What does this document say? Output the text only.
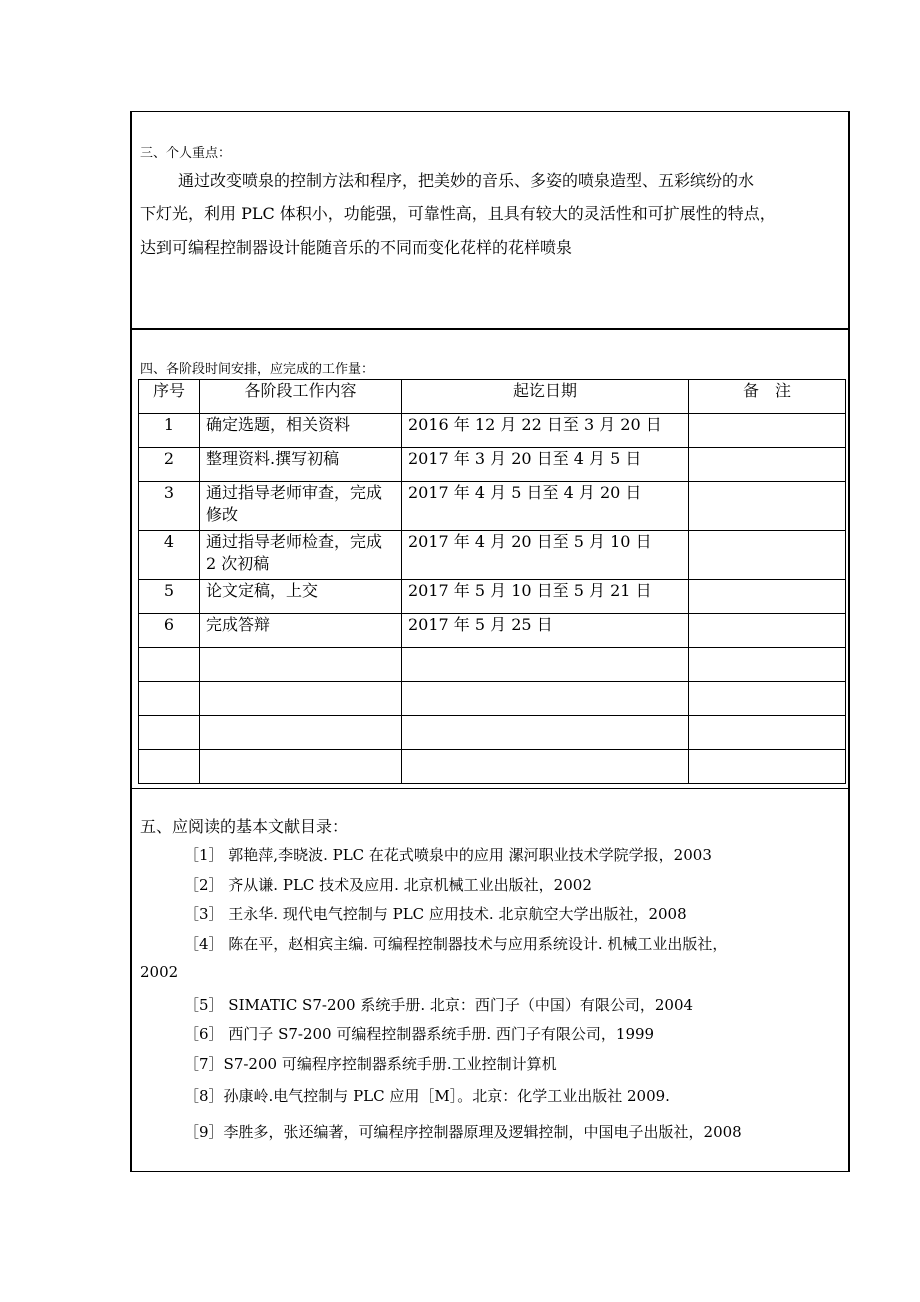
三、个人重点：
通过改变喷泉的控制方法和程序，把美妙的音乐、多姿的喷泉造型、五彩缤纷的水
下灯光，利用 PLC 体积小，功能强，可靠性高，且具有较大的灵活性和可扩展性的特点，
达到可编程控制器设计能随音乐的不同而变化花样的花样喷泉
四、各阶段时间安排，应完成的工作量：
序号	各阶段工作内容	起讫日期	备　注
1	确定选题，相关资料	2016 年 12 月 22 日至 3 月 20 日	
2	整理资料.撰写初稿	2017 年 3 月 20 日至 4 月 5 日	
3	通过指导老师审查，完成修改	2017 年 4 月 5 日至 4 月 20 日	
4	通过指导老师检查，完成 2 次初稿	2017 年 4 月 20 日至 5 月 10 日	
5	论文定稿，上交	2017 年 5 月 10 日至 5 月 21 日	
6	完成答辩	2017 年 5 月 25 日	

五、应阅读的基本文献目录：
［1］ 郭艳萍,李晓波. PLC 在花式喷泉中的应用 漯河职业技术学院学报，2003
［2］ 齐从谦. PLC 技术及应用. 北京机械工业出版社，2002
［3］ 王永华. 现代电气控制与 PLC 应用技术. 北京航空大学出版社，2008
［4］ 陈在平，赵相宾主编. 可编程控制器技术与应用系统设计. 机械工业出版社，
2002
［5］ SIMATIC S7-200 系统手册. 北京：西门子（中国）有限公司，2004
［6］ 西门子 S7-200 可编程控制器系统手册. 西门子有限公司，1999
［7］S7-200 可编程序控制器系统手册.工业控制计算机
［8］孙康岭.电气控制与 PLC 应用［M］。北京：化学工业出版社 2009.
［9］李胜多，张还编著，可编程序控制器原理及逻辑控制，中国电子出版社，2008
